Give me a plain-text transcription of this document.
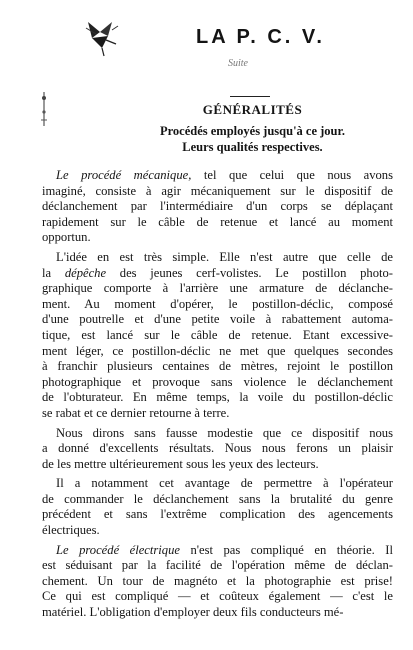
LA P. C. V.
Suite
GÉNÉRALITÉS
Procédés employés jusqu'à ce jour.
Leurs qualités respectives.
Le procédé mécanique, tel que celui que nous avons
imaginé, consiste à agir mécaniquement sur le dispositif de
déclanchement par l'intermédiaire d'un corps se déplaçant
rapidement sur le câble de retenue et lancé au moment
opportun.
L'idée en est très simple. Elle n'est autre que celle de
la dépêche des jeunes cerf-volistes. Le postillon photo-
graphique comporte à l'arrière une armature de déclanche-
ment. Au moment d'opérer, le postillon-déclic, composé
d'une poutrelle et d'une petite voile à rabattement automa-
tique, est lancé sur le câble de retenue. Etant excessive-
ment léger, ce postillon-déclic ne met que quelques secondes
à franchir plusieurs centaines de mètres, rejoint le postillon
photographique et provoque sans violence le déclanchement
de l'obturateur. En même temps, la voile du postillon-déclic
se rabat et ce dernier retourne à terre.
Nous dirons sans fausse modestie que ce dispositif nous
a donné d'excellents résultats. Nous nous ferons un plaisir
de les mettre ultérieurement sous les yeux des lecteurs.
Il a notamment cet avantage de permettre à l'opérateur
de commander le déclanchement sans la brutalité du genre
précédent et sans l'extrême complication des agencements
électriques.
Le procédé électrique n'est pas compliqué en théorie. Il
est séduisant par la facilité de l'opération même de déclan-
chement. Un tour de magnéto et la photographie est prise!
Ce qui est compliqué — et coûteux également — c'est le
matériel. L'obligation d'employer deux fils conducteurs mé-
